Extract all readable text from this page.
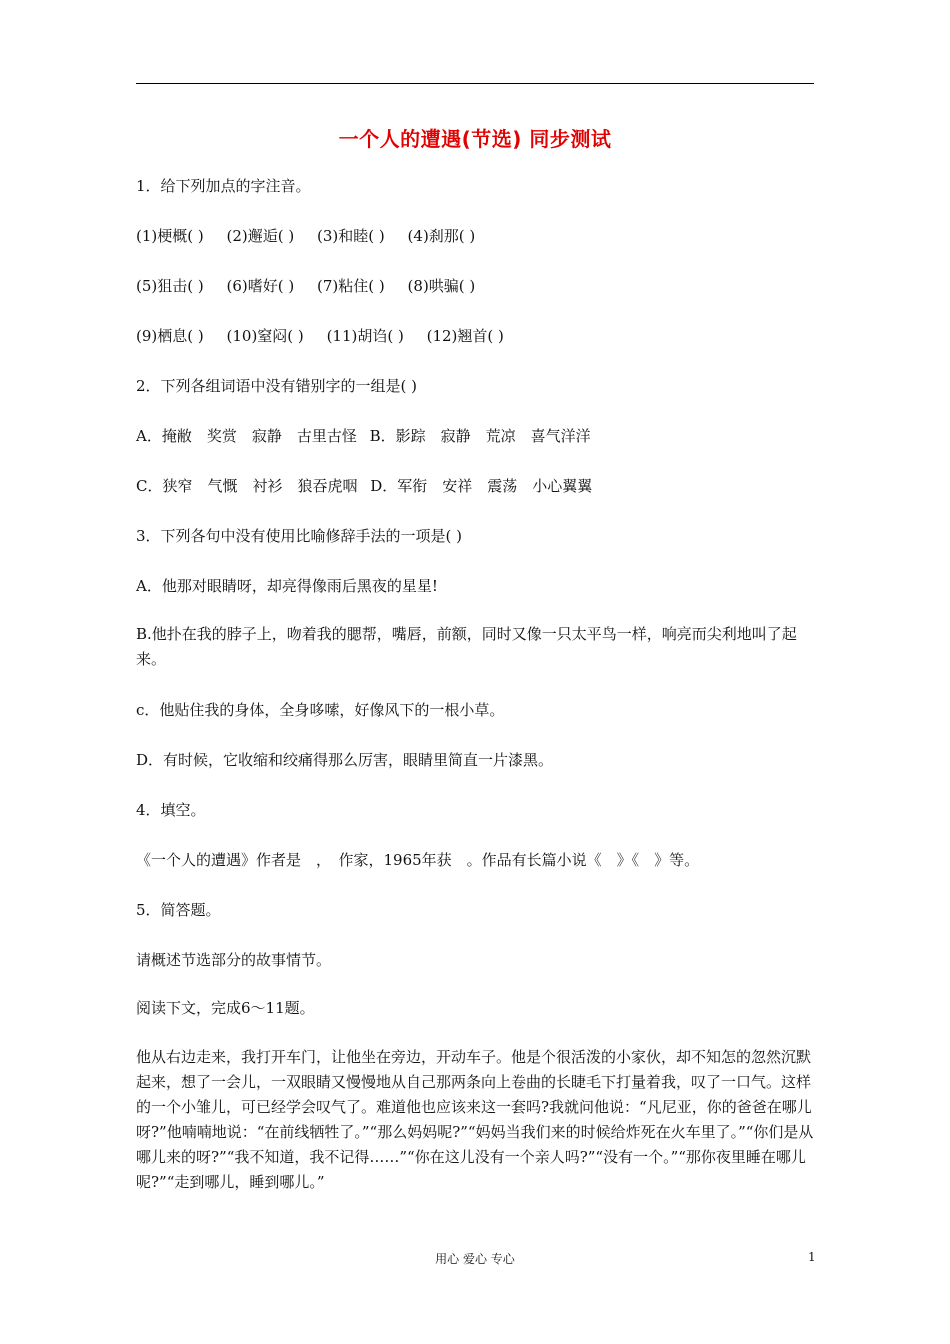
一个人的遭遇(节选) 同步测试
1．给下列加点的字注音。
(1)梗概( ) (2)邂逅( ) (3)和睦( ) (4)刹那( )
(5)狙击( ) (6)嗜好( ) (7)粘住( ) (8)哄骗( )
(9)栖息( ) (10)窒闷( ) (11)胡诌( ) (12)翘首( )
2．下列各组词语中没有错别字的一组是( )
A．掩敝　奖赏　寂静　古里古怪 B．影踪　寂静　荒凉　喜气洋洋
C．狭窄　气慨　衬衫　狼吞虎咽 D．军衔　安祥　震荡　小心翼翼
3．下列各句中没有使用比喻修辞手法的一项是( )
A．他那对眼睛呀，却亮得像雨后黑夜的星星!
B.他扑在我的脖子上，吻着我的腮帮，嘴唇，前额，同时又像一只太平鸟一样，响亮而尖利地叫了起来。
c．他贴住我的身体，全身哆嗦，好像风下的一根小草。
D．有时候，它收缩和绞痛得那么厉害，眼睛里简直一片漆黑。
4．填空。
《一个人的遭遇》作者是　，　作家，1965年获　。作品有长篇小说《　》《　》等。
5．简答题。
请概述节选部分的故事情节。
阅读下文，完成6～11题。
他从右边走来，我打开车门，让他坐在旁边，开动车子。他是个很活泼的小家伙，却不知怎的忽然沉默起来，想了一会儿，一双眼睛又慢慢地从自己那两条向上卷曲的长睫毛下打量着我，叹了一口气。这样的一个小雏儿，可已经学会叹气了。难道他也应该来这一套吗?我就问他说：“凡尼亚，你的爸爸在哪儿呀?”他喃喃地说：“在前线牺牲了。”“那么妈妈呢?”“妈妈当我们来的时候给炸死在火车里了。”“你们是从哪儿来的呀?”“我不知道，我不记得……”“你在这儿没有一个亲人吗?”“没有一个。”“那你夜里睡在哪儿呢?”“走到哪儿，睡到哪儿。”
用心 爱心 专心	1
